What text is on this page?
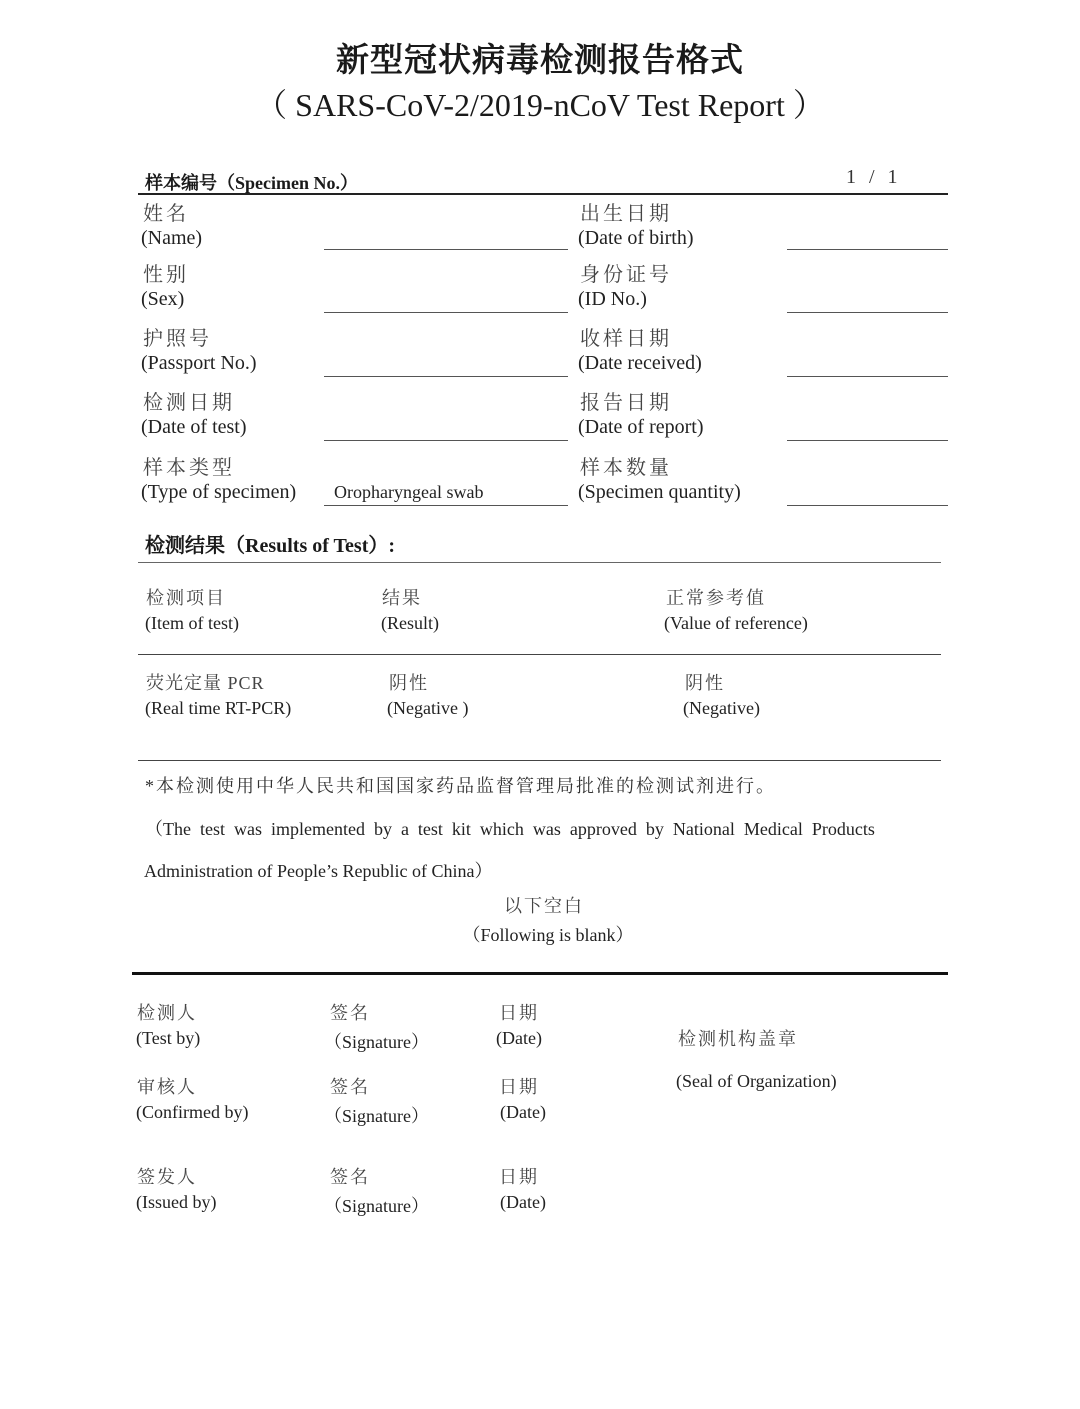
新型冠状病毒检测报告格式
（ SARS-CoV-2/2019-nCoV Test Report ）
样本编号（Specimen No.）	1 / 1
姓名
(Name)
出生日期
(Date of birth)
性别
(Sex)
身份证号
(ID No.)
护照号
(Passport No.)
收样日期
(Date received)
检测日期
(Date of test)
报告日期
(Date of report)
样本类型
(Type of specimen) Oropharyngeal swab
样本数量
(Specimen quantity)
检测结果（Results of Test）:
检测项目
(Item of test)
结果
(Result)
正常参考值
(Value of reference)
荧光定量 PCR
(Real time RT-PCR)
阴性
(Negative )
阴性
(Negative)
*本检测使用中华人民共和国国家药品监督管理局批准的检测试剂进行。
（The  test  was  implemented  by  a  test  kit  which  was  approved  by  National  Medical  Products
Administration of People’s Republic of China）
以下空白
（Following is blank）
检测人
(Test by)
签名
（Signature）
日期
(Date)
审核人
(Confirmed by)
签名
（Signature）
日期
(Date)
签发人
(Issued by)
签名
（Signature）
日期
(Date)
检测机构盖章
(Seal of Organization)
